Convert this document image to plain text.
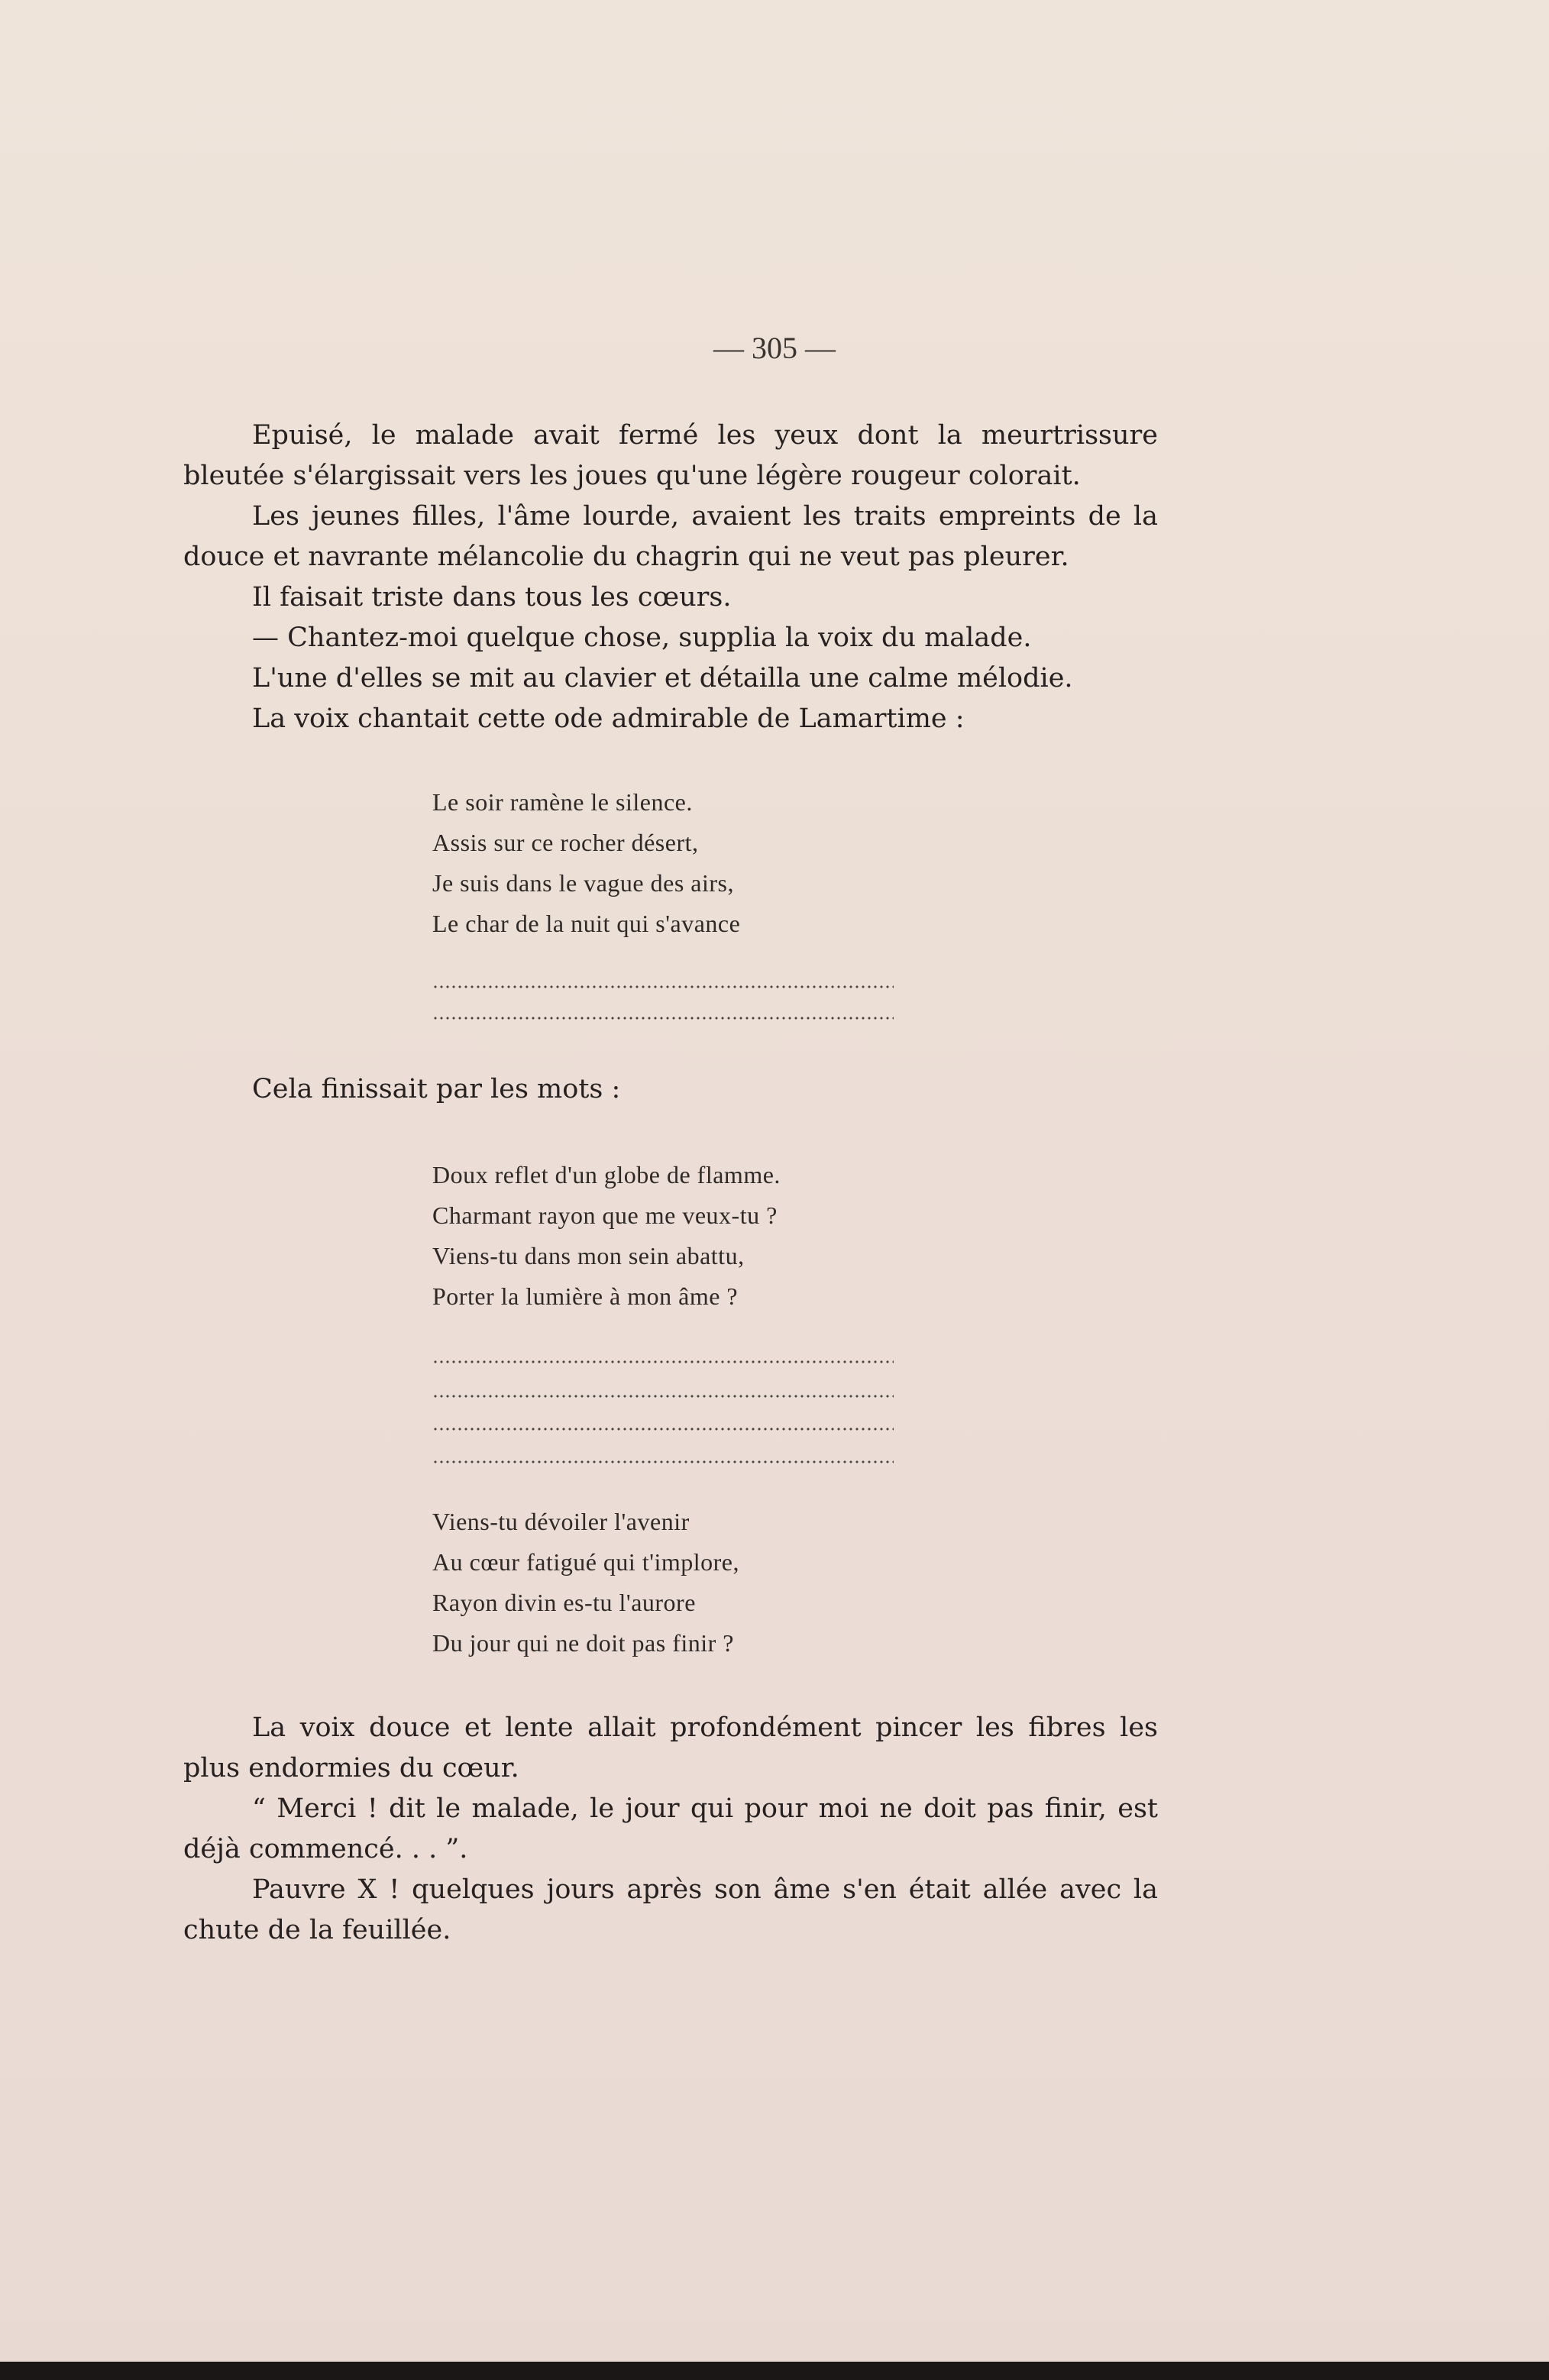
— 305 —

Epuisé, le malade avait fermé les yeux dont la meurtrissure bleutée s'élargissait vers les joues qu'une légère rougeur colorait.

Les jeunes filles, l'âme lourde, avaient les traits empreints de la douce et navrante mélancolie du chagrin qui ne veut pas pleurer.

Il faisait triste dans tous les cœurs.

— Chantez-moi quelque chose, supplia la voix du malade.

L'une d'elles se mit au clavier et détailla une calme mélodie.

La voix chantait cette ode admirable de Lamartime :

Le soir ramène le silence.
Assis sur ce rocher désert,
Je suis dans le vague des airs,
Le char de la nuit qui s'avance

Cela finissait par les mots :

Doux reflet d'un globe de flamme.
Charmant rayon que me veux-tu ?
Viens-tu dans mon sein abattu,
Porter la lumière à mon âme ?
Viens-tu dévoiler l'avenir
Au cœur fatigué qui t'implore,
Rayon divin es-tu l'aurore
Du jour qui ne doit pas finir ?

La voix douce et lente allait profondément pincer les fibres les plus endormies du cœur.

“ Merci ! dit le malade, le jour qui pour moi ne doit pas finir, est déjà commencé. . . ”.

Pauvre X ! quelques jours après son âme s'en était allée avec la chute de la feuillée.
